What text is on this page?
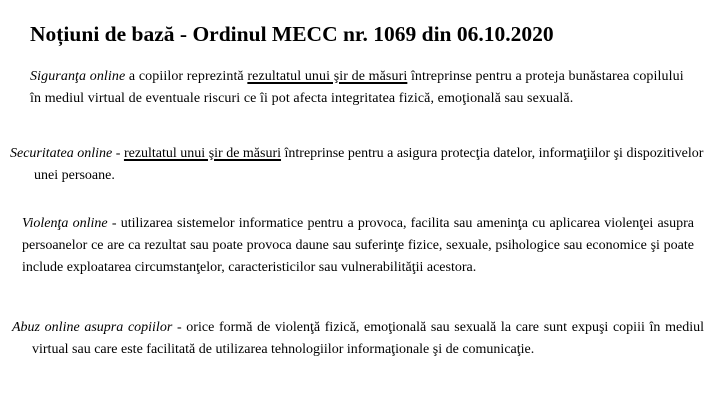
Noțiuni de bază - Ordinul MECC nr. 1069 din 06.10.2020

Siguranţa online a copiilor reprezintă rezultatul unui şir de măsuri întreprinse pentru a proteja bunăstarea copilului în mediul virtual de eventuale riscuri ce îi pot afecta integritatea fizică, emoţională sau sexuală.

Securitatea online - rezultatul unui şir de măsuri întreprinse pentru a asigura protecţia datelor, informaţiilor şi dispozitivelor unei persoane.

Violenţa online - utilizarea sistemelor informatice pentru a provoca, facilita sau ameninţa cu aplicarea violenţei asupra persoanelor ce are ca rezultat sau poate provoca daune sau suferinţe fizice, sexuale, psihologice sau economice şi poate include exploatarea circumstanţelor, caracteristicilor sau vulnerabilităţii acestora.

Abuz online asupra copiilor - orice formă de violenţă fizică, emoţională sau sexuală la care sunt expuşi copiii în mediul virtual sau care este facilitată de utilizarea tehnologiilor informaţionale şi de comunicaţie.
